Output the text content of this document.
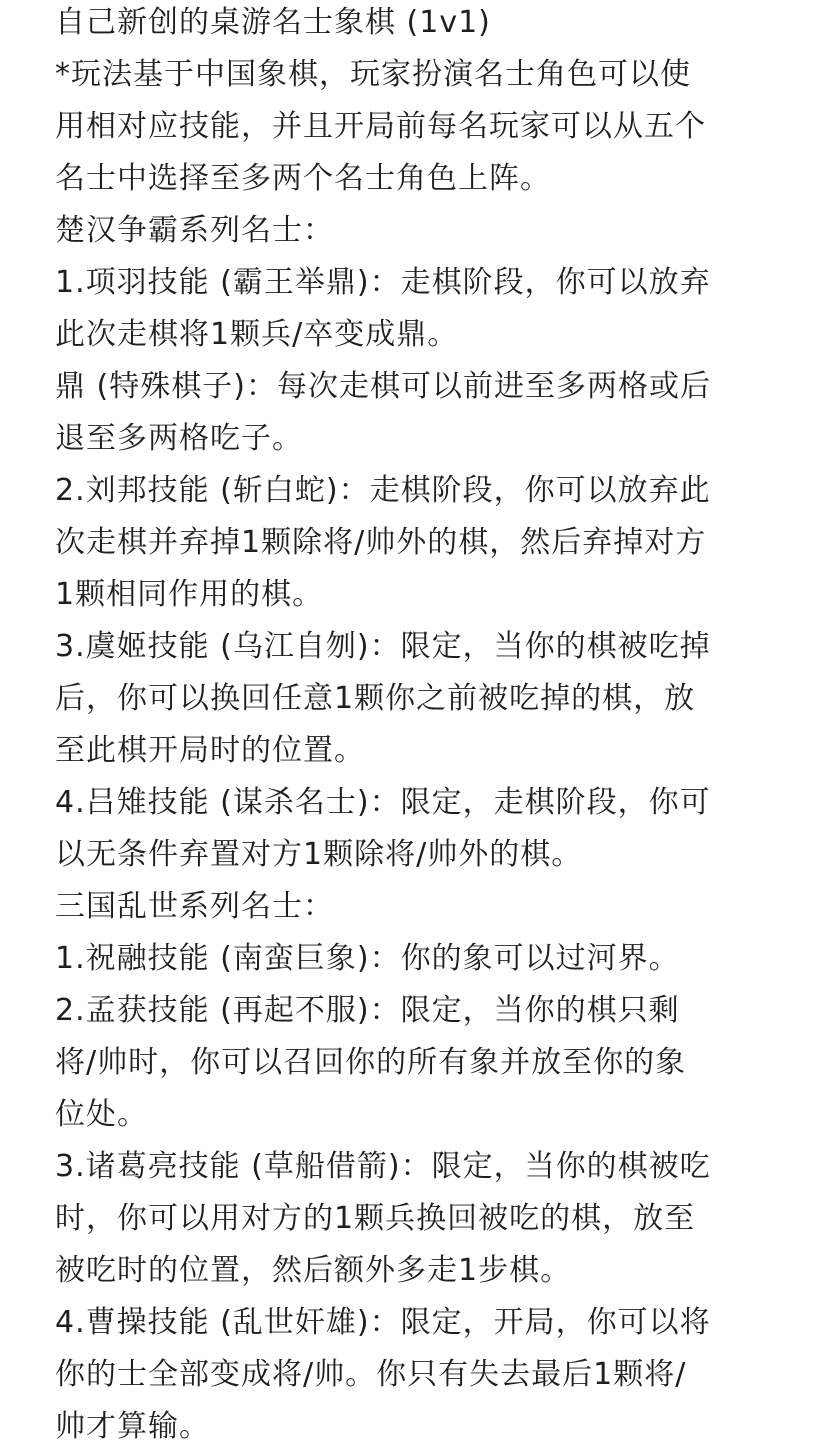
自己新创的桌游名士象棋 (1v1)
*玩法基于中国象棋，玩家扮演名士角色可以使
用相对应技能，并且开局前每名玩家可以从五个
名士中选择至多两个名士角色上阵。
楚汉争霸系列名士：
1.项羽技能 (霸王举鼎)：走棋阶段，你可以放弃
此次走棋将1颗兵/卒变成鼎。
鼎 (特殊棋子)：每次走棋可以前进至多两格或后
退至多两格吃子。
2.刘邦技能 (斩白蛇)：走棋阶段，你可以放弃此
次走棋并弃掉1颗除将/帅外的棋，然后弃掉对方
1颗相同作用的棋。
3.虞姬技能 (乌江自刎)：限定，当你的棋被吃掉
后，你可以换回任意1颗你之前被吃掉的棋，放
至此棋开局时的位置。
4.吕雉技能 (谋杀名士)：限定，走棋阶段，你可
以无条件弃置对方1颗除将/帅外的棋。
三国乱世系列名士：
1.祝融技能 (南蛮巨象)：你的象可以过河界。
2.孟获技能 (再起不服)：限定，当你的棋只剩
将/帅时，你可以召回你的所有象并放至你的象
位处。
3.诸葛亮技能 (草船借箭)：限定，当你的棋被吃
时，你可以用对方的1颗兵换回被吃的棋，放至
被吃时的位置，然后额外多走1步棋。
4.曹操技能 (乱世奸雄)：限定，开局，你可以将
你的士全部变成将/帅。你只有失去最后1颗将/
帅才算输。
